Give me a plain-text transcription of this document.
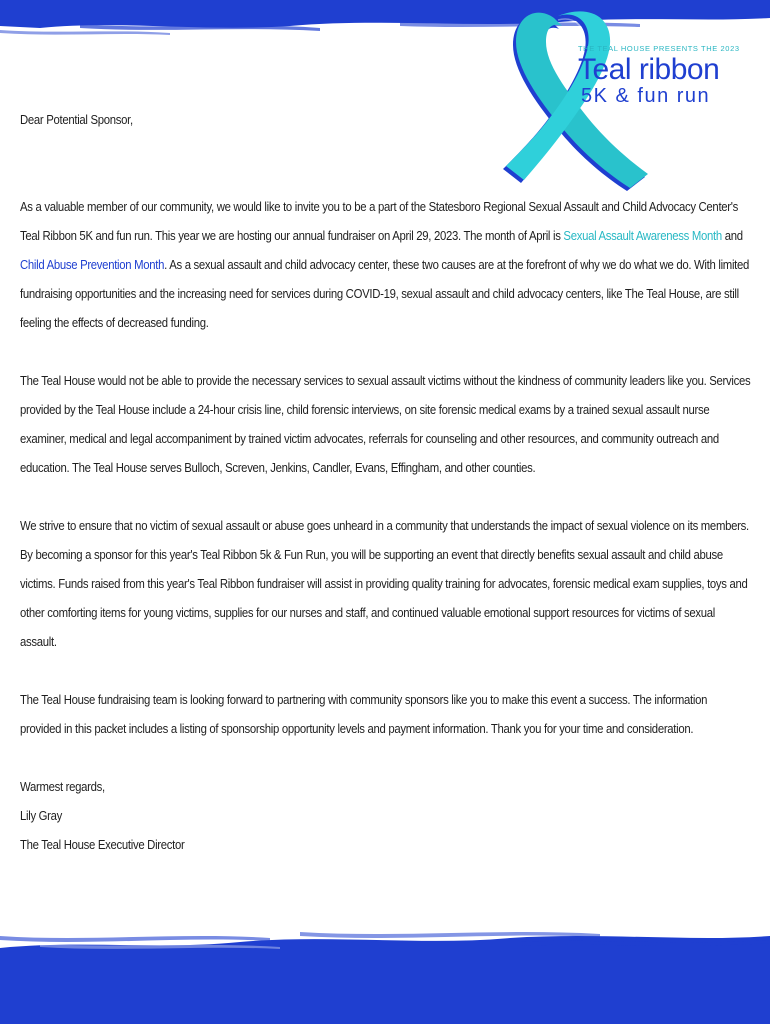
THE TEAL HOUSE PRESENTS THE 2023
Teal ribbon
5K & fun run

Dear Potential Sponsor,

As a valuable member of our community, we would like to invite you to be a part of the Statesboro Regional Sexual Assault and Child Advocacy Center's Teal Ribbon 5K and fun run. This year we are hosting our annual fundraiser on April 29, 2023. The month of April is Sexual Assault Awareness Month and Child Abuse Prevention Month. As a sexual assault and child advocacy center, these two causes are at the forefront of why we do what we do. With limited fundraising opportunities and the increasing need for services during COVID-19, sexual assault and child advocacy centers, like The Teal House, are still feeling the effects of decreased funding.

The Teal House would not be able to provide the necessary services to sexual assault victims without the kindness of community leaders like you. Services provided by the Teal House include a 24-hour crisis line, child forensic interviews, on site forensic medical exams by a trained sexual assault nurse examiner, medical and legal accompaniment by trained victim advocates, referrals for counseling and other resources, and community outreach and education. The Teal House serves Bulloch, Screven, Jenkins, Candler, Evans, Effingham, and other counties.

We strive to ensure that no victim of sexual assault or abuse goes unheard in a community that understands the impact of sexual violence on its members. By becoming a sponsor for this year's Teal Ribbon 5k & Fun Run, you will be supporting an event that directly benefits sexual assault and child abuse victims. Funds raised from this year's Teal Ribbon fundraiser will assist in providing quality training for advocates, forensic medical exam supplies, toys and other comforting items for young victims, supplies for our nurses and staff, and continued valuable emotional support resources for victims of sexual assault.

The Teal House fundraising team is looking forward to partnering with community sponsors like you to make this event a success. The information provided in this packet includes a listing of sponsorship opportunity levels and payment information. Thank you for your time and consideration.

Warmest regards,

Lily Gray

The Teal House Executive Director
